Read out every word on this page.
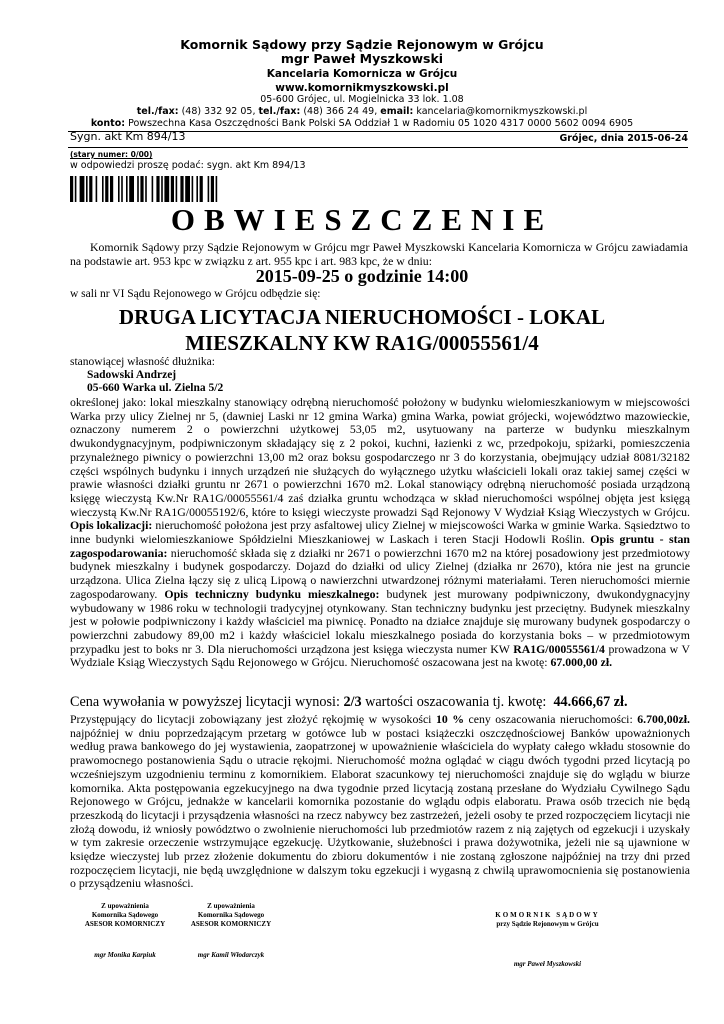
Komornik Sądowy przy Sądzie Rejonowym w Grójcu
mgr Paweł Myszkowski
Kancelaria Komornicza w Grójcu
www.komornikmyszkowski.pl
05-600 Grójec, ul. Mogielnicka 33 lok. 1.08
tel./fax: (48) 332 92 05, tel./fax: (48) 366 24 49, email: kancelaria@komornikmyszkowski.pl
konto: Powszechna Kasa Oszczędności Bank Polski SA Oddział 1 w Radomiu 05 1020 4317 0000 5602 0094 6905
Sygn. akt Km 894/13	Grójec, dnia 2015-06-24
(stary numer: 0/00)
w odpowiedzi proszę podać: sygn. akt Km 894/13
OBWIESZCZENIE
Komornik Sądowy przy Sądzie Rejonowym w Grójcu mgr Paweł Myszkowski Kancelaria Komornicza w Grójcu zawiadamia na podstawie art. 953 kpc w związku z art. 955 kpc i art. 983 kpc, że w dniu:
2015-09-25 o godzinie 14:00
w sali nr VI Sądu Rejonowego w Grójcu odbędzie się:
DRUGA LICYTACJA NIERUCHOMOŚCI - LOKAL
MIESZKALNY KW RA1G/00055561/4
stanowiącej własność dłużnika:
Sadowski Andrzej
05-660 Warka ul. Zielna 5/2

określonej jako: lokal mieszkalny stanowiący odrębną nieruchomość położony w budynku wielomieszkaniowym w miejscowości Warka przy ulicy Zielnej nr 5, (dawniej Laski nr 12 gmina Warka) gmina Warka, powiat grójecki, województwo mazowieckie, oznaczony numerem 2 o powierzchni użytkowej 53,05 m2, usytuowany na parterze w budynku mieszkalnym dwukondygnacyjnym, podpiwniczonym składający się z 2 pokoi, kuchni, łazienki z wc, przedpokoju, spiżarki, pomieszczenia przynależnego piwnicy o powierzchni 13,00 m2 oraz boksu gospodarczego nr 3 do korzystania, obejmujący udział 8081/32182 części wspólnych budynku i innych urządzeń nie służących do wyłącznego użytku właścicieli lokali oraz takiej samej części w prawie własności działki gruntu nr 2671 o powierzchni 1670 m2. Lokal stanowiący odrębną nieruchomość posiada urządzoną księgę wieczystą Kw.Nr RA1G/00055561/4 zaś działka gruntu wchodząca w skład nieruchomości wspólnej objęta jest księgą wieczystą Kw.Nr RA1G/00055192/6, które to księgi wieczyste prowadzi Sąd Rejonowy V Wydział Ksiąg Wieczystych w Grójcu. Opis lokalizacji: nieruchomość położona jest przy asfaltowej ulicy Zielnej w miejscowości Warka w gminie Warka. Sąsiedztwo to inne budynki wielomieszkaniowe Spółdzielni Mieszkaniowej w Laskach i teren Stacji Hodowli Roślin. Opis gruntu - stan zagospodarowania: nieruchomość składa się z działki nr 2671 o powierzchni 1670 m2 na której posadowiony jest przedmiotowy budynek mieszkalny i budynek gospodarczy. Dojazd do działki od ulicy Zielnej (działka nr 2670), która nie jest na gruncie urządzona. Ulica Zielna łączy się z ulicą Lipową o nawierzchni utwardzonej różnymi materiałami. Teren nieruchomości miernie zagospodarowany. Opis techniczny budynku mieszkalnego: budynek jest murowany podpiwniczony, dwukondygnacyjny wybudowany w 1986 roku w technologii tradycyjnej otynkowany. Stan techniczny budynku jest przeciętny. Budynek mieszkalny jest w połowie podpiwniczony i każdy właściciel ma piwnicę. Ponadto na działce znajduje się murowany budynek gospodarczy o powierzchni zabudowy 89,00 m2 i każdy właściciel lokalu mieszkalnego posiada do korzystania boks – w przedmiotowym przypadku jest to boks nr 3. Dla nieruchomości urządzona jest księga wieczysta numer KW RA1G/00055561/4 prowadzona w V Wydziale Ksiąg Wieczystych Sądu Rejonowego w Grójcu. Nieruchomość oszacowana jest na kwotę: 67.000,00 zł.

Cena wywołania w powyższej licytacji wynosi: 2/3 wartości oszacowania tj. kwotę: 44.666,67 zł.

Przystępujący do licytacji zobowiązany jest złożyć rękojmię w wysokości 10 % ceny oszacowania nieruchomości: 6.700,00zł. najpóźniej w dniu poprzedzającym przetarg w gotówce lub w postaci książeczki oszczędnościowej Banków upoważnionych według prawa bankowego do jej wystawienia, zaopatrzonej w upoważnienie właściciela do wypłaty całego wkładu stosownie do prawomocnego postanowienia Sądu o utracie rękojmi. Nieruchomość można oglądać w ciągu dwóch tygodni przed licytacją po wcześniejszym uzgodnieniu terminu z komornikiem. Elaborat szacunkowy tej nieruchomości znajduje się do wglądu w biurze komornika. Akta postępowania egzekucyjnego na dwa tygodnie przed licytacją zostaną przesłane do Wydziału Cywilnego Sądu Rejonowego w Grójcu, jednakże w kancelarii komornika pozostanie do wglądu odpis elaboratu. Prawa osób trzecich nie będą przeszkodą do licytacji i przysądzenia własności na rzecz nabywcy bez zastrzeżeń, jeżeli osoby te przed rozpoczęciem licytacji nie złożą dowodu, iż wniosły powództwo o zwolnienie nieruchomości lub przedmiotów razem z nią zajętych od egzekucji i uzyskały w tym zakresie orzeczenie wstrzymujące egzekucję. Użytkowanie, służebności i prawa dożywotnika, jeżeli nie są ujawnione w księdze wieczystej lub przez złożenie dokumentu do zbioru dokumentów i nie zostaną zgłoszone najpóźniej na trzy dni przed rozpoczęciem licytacji, nie będą uwzględnione w dalszym toku egzekucji i wygasną z chwilą uprawomocnienia się postanowienia o przysądzeniu własności.

Z upoważnienia
Komornika Sądowego
ASESOR KOMORNICZY
mgr Monika Karpiuk
Z upoważnienia
Komornika Sądowego
ASESOR KOMORNICZY
mgr Kamil Włodarczyk
KOMORNIK SĄDOWY
przy Sądzie Rejonowym w Grójcu
mgr Paweł Myszkowski
